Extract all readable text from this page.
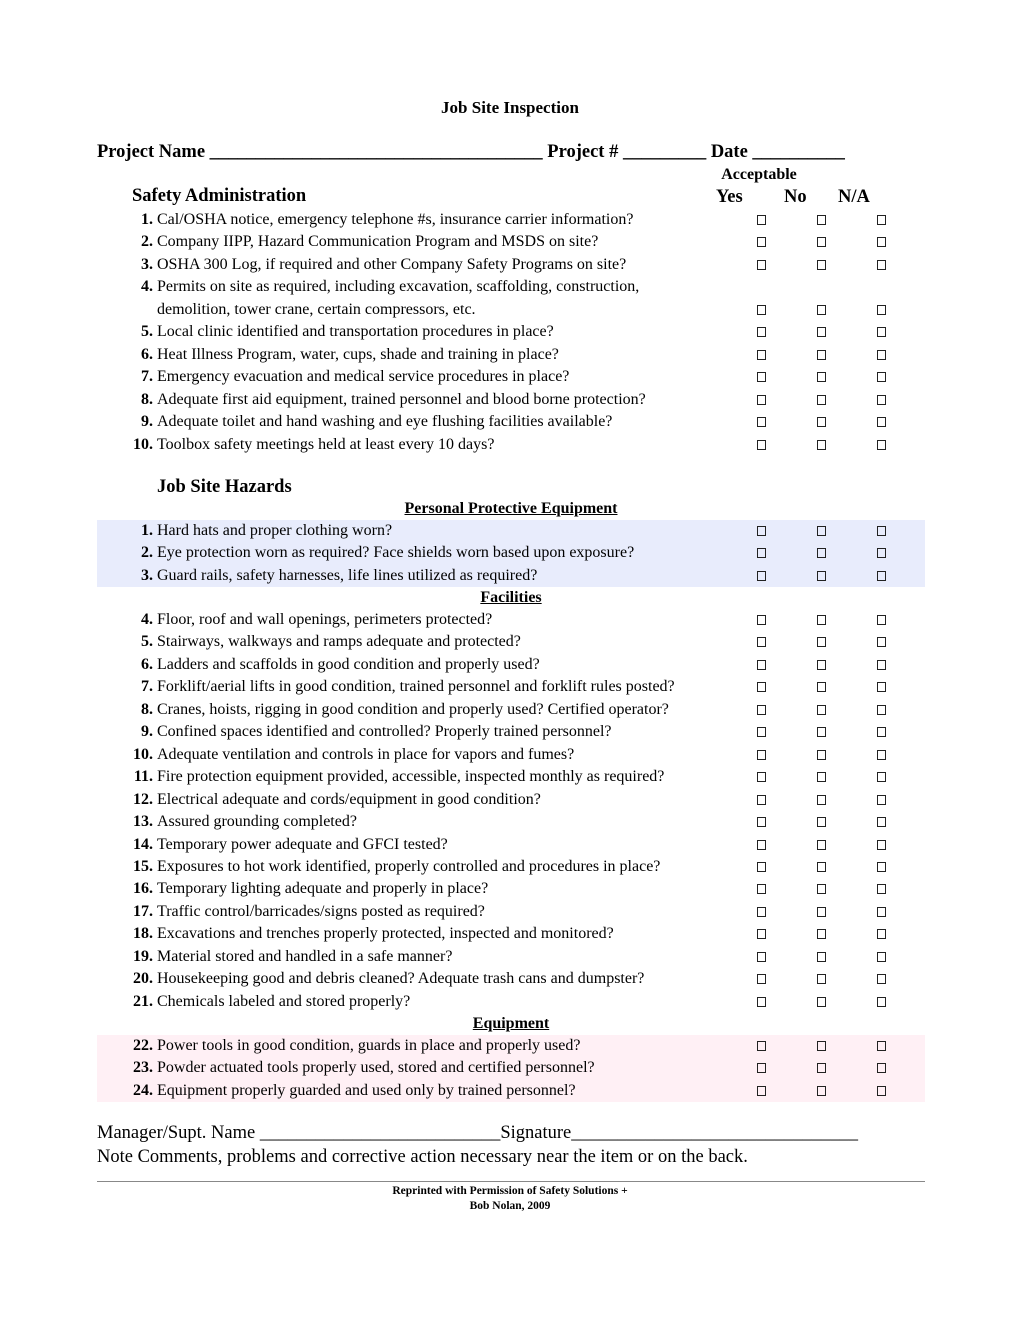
Job Site Inspection
Project Name ____________________________________ Project # _________ Date __________
Acceptable
Safety Administration	Yes No N/A
1. Cal/OSHA notice, emergency telephone #s, insurance carrier information?
2. Company IIPP, Hazard Communication Program and MSDS on site?
3. OSHA 300 Log, if required and other Company Safety Programs on site?
4. Permits on site as required, including excavation, scaffolding, construction,
demolition, tower crane, certain compressors, etc.
5. Local clinic identified and transportation procedures in place?
6. Heat Illness Program, water, cups, shade and training in place?
7. Emergency evacuation and medical service procedures in place?
8. Adequate first aid equipment, trained personnel and blood borne protection?
9. Adequate toilet and hand washing and eye flushing facilities available?
10. Toolbox safety meetings held at least every 10 days?
Job Site Hazards
Personal Protective Equipment
1. Hard hats and proper clothing worn?
2. Eye protection worn as required? Face shields worn based upon exposure?
3. Guard rails, safety harnesses, life lines utilized as required?
Facilities
4. Floor, roof and wall openings, perimeters protected?
5. Stairways, walkways and ramps adequate and protected?
6. Ladders and scaffolds in good condition and properly used?
7. Forklift/aerial lifts in good condition, trained personnel and forklift rules posted?
8. Cranes, hoists, rigging in good condition and properly used? Certified operator?
9. Confined spaces identified and controlled? Properly trained personnel?
10. Adequate ventilation and controls in place for vapors and fumes?
11. Fire protection equipment provided, accessible, inspected monthly as required?
12. Electrical adequate and cords/equipment in good condition?
13. Assured grounding completed?
14. Temporary power adequate and GFCI tested?
15. Exposures to hot work identified, properly controlled and procedures in place?
16. Temporary lighting adequate and properly in place?
17. Traffic control/barricades/signs posted as required?
18. Excavations and trenches properly protected, inspected and monitored?
19. Material stored and handled in a safe manner?
20. Housekeeping good and debris cleaned? Adequate trash cans and dumpster?
21. Chemicals labeled and stored properly?
Equipment
22. Power tools in good condition, guards in place and properly used?
23. Powder actuated tools properly used, stored and certified personnel?
24. Equipment properly guarded and used only by trained personnel?
Manager/Supt. Name __________________________Signature_______________________________
Note Comments, problems and corrective action necessary near the item or on the back.
Reprinted with Permission of Safety Solutions +
Bob Nolan, 2009
